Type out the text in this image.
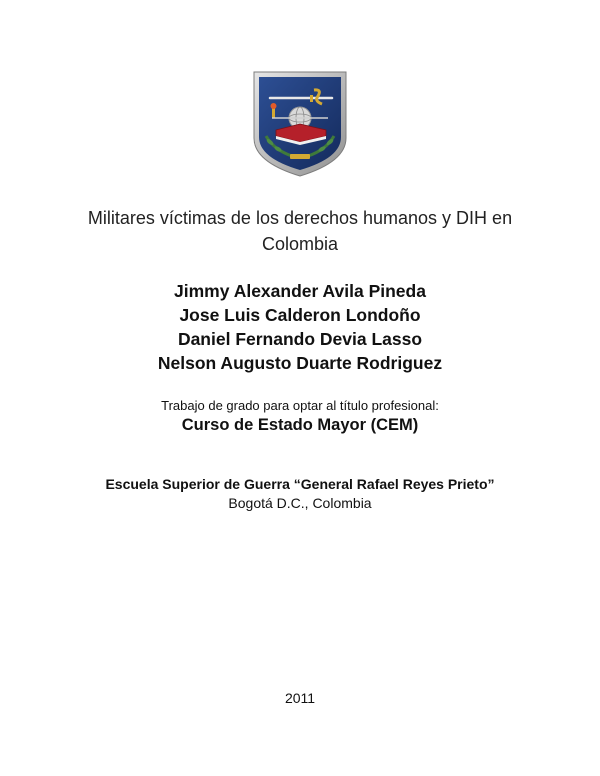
Militares víctimas de los derechos humanos y DIH en
Colombia
Jimmy Alexander Avila Pineda
Jose Luis Calderon Londoño
Daniel Fernando Devia Lasso
Nelson Augusto Duarte Rodriguez
Trabajo de grado para optar al título profesional:
Curso de Estado Mayor (CEM)
Escuela Superior de Guerra “General Rafael Reyes Prieto”
Bogotá D.C., Colombia
2011
